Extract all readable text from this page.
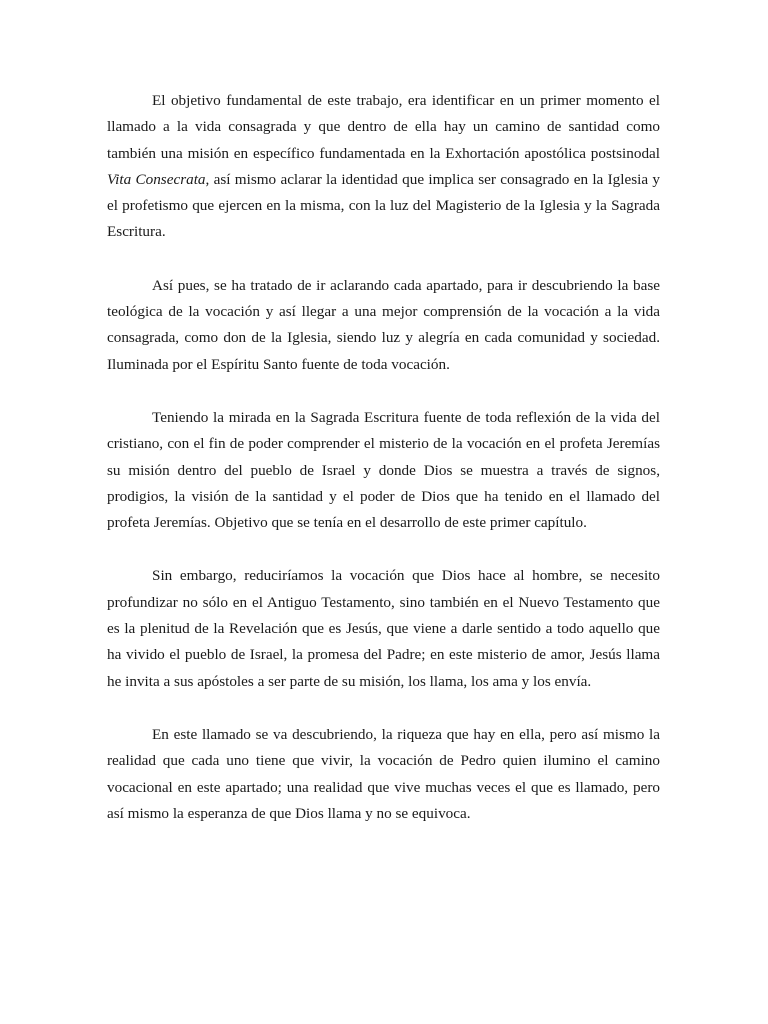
El objetivo fundamental de este trabajo, era identificar en un primer momento el llamado a la vida consagrada y que dentro de ella hay un camino de santidad como también una misión en específico fundamentada en la Exhortación apostólica postsinodal Vita Consecrata, así mismo aclarar la identidad que implica ser consagrado en la Iglesia y el profetismo que ejercen en la misma, con la luz del Magisterio de la Iglesia y la Sagrada Escritura.

Así pues, se ha tratado de ir aclarando cada apartado, para ir descubriendo la base teológica de la vocación y así llegar a una mejor comprensión de la vocación a la vida consagrada, como don de la Iglesia, siendo luz y alegría en cada comunidad y sociedad. Iluminada por el Espíritu Santo fuente de toda vocación.

Teniendo la mirada en la Sagrada Escritura fuente de toda reflexión de la vida del cristiano, con el fin de poder comprender el misterio de la vocación en el profeta Jeremías su misión dentro del pueblo de Israel y donde Dios se muestra a través de signos, prodigios, la visión de la santidad y el poder de Dios que ha tenido en el llamado del profeta Jeremías. Objetivo que se tenía en el desarrollo de este primer capítulo.

Sin embargo, reduciríamos la vocación que Dios hace al hombre, se necesito profundizar no sólo en el Antiguo Testamento, sino también en el Nuevo Testamento que es la plenitud de la Revelación que es Jesús, que viene a darle sentido a todo aquello que ha vivido el pueblo de Israel, la promesa del Padre; en este misterio de amor, Jesús llama he invita a sus apóstoles a ser parte de su misión, los llama, los ama y los envía.

En este llamado se va descubriendo, la riqueza que hay en ella, pero así mismo la realidad que cada uno tiene que vivir, la vocación de Pedro quien ilumino el camino vocacional en este apartado; una realidad que vive muchas veces el que es llamado, pero así mismo la esperanza de que Dios llama y no se equivoca.
